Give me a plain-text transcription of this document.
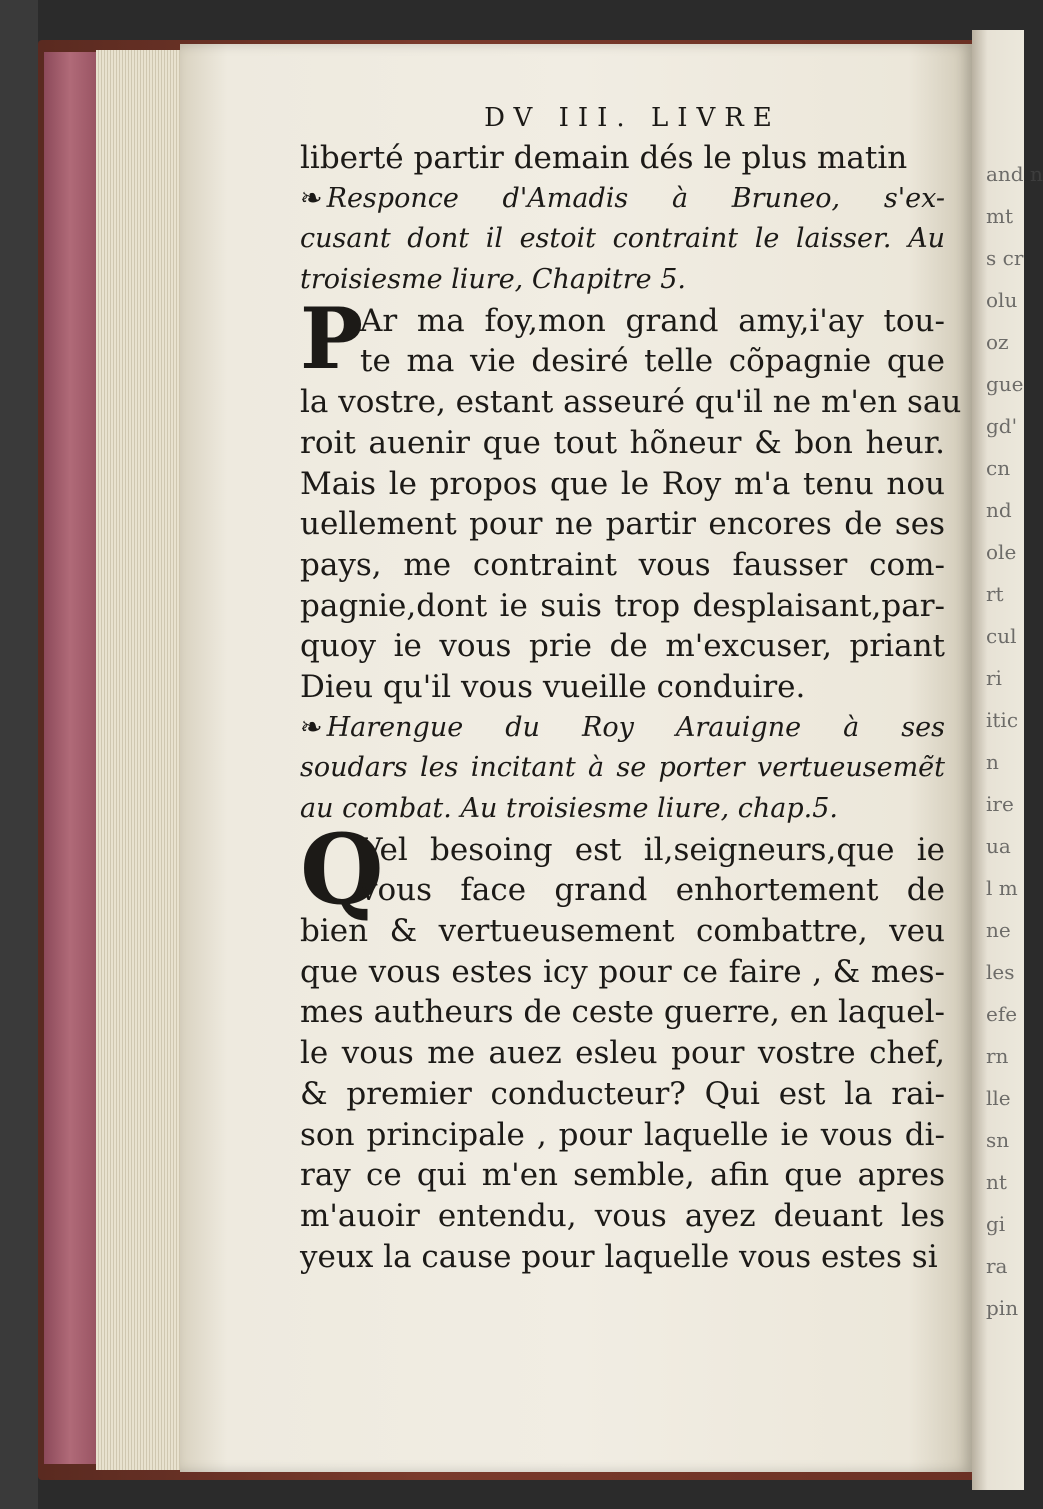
and n
mt
s cr
olu
oz
gue
gd'
cn
nd
ole
rt
cul
ri
itic
n
ire
ua
l m
ne
les
efe
rn
lle
sn
nt
gi
ra
pin
DV III. LIVRE
liberté partir demain dés le plus matin
❧ Responce d'Amadis à Bruneo, s'ex-
cusant dont il estoit contraint le laisser. Au
troisiesme liure, Chapitre 5.
P
Ar ma foy,mon grand amy,i'ay tou-
te ma vie desiré telle cõpagnie que
la vostre, estant asseuré qu'il ne m'en sau
roit auenir que tout hõneur & bon heur.
Mais le propos que le Roy m'a tenu nou
uellement pour ne partir encores de ses
pays, me contraint vous fausser com-
pagnie,dont ie suis trop desplaisant,par-
quoy ie vous prie de m'excuser, priant
Dieu qu'il vous vueille conduire.
❧ Harengue du Roy Arauigne à ses
soudars les incitant à se porter vertueusemẽt
au combat. Au troisiesme liure, chap.5.
Q
Vel besoing est il,seigneurs,que ie
vous face grand enhortement de
bien & vertueusement combattre, veu
que vous estes icy pour ce faire , & mes-
mes autheurs de ceste guerre, en laquel-
le vous me auez esleu pour vostre chef,
& premier conducteur? Qui est la rai-
son principale , pour laquelle ie vous di-
ray ce qui m'en semble, afin que apres
m'auoir entendu, vous ayez deuant les
yeux la cause pour laquelle vous estes si
